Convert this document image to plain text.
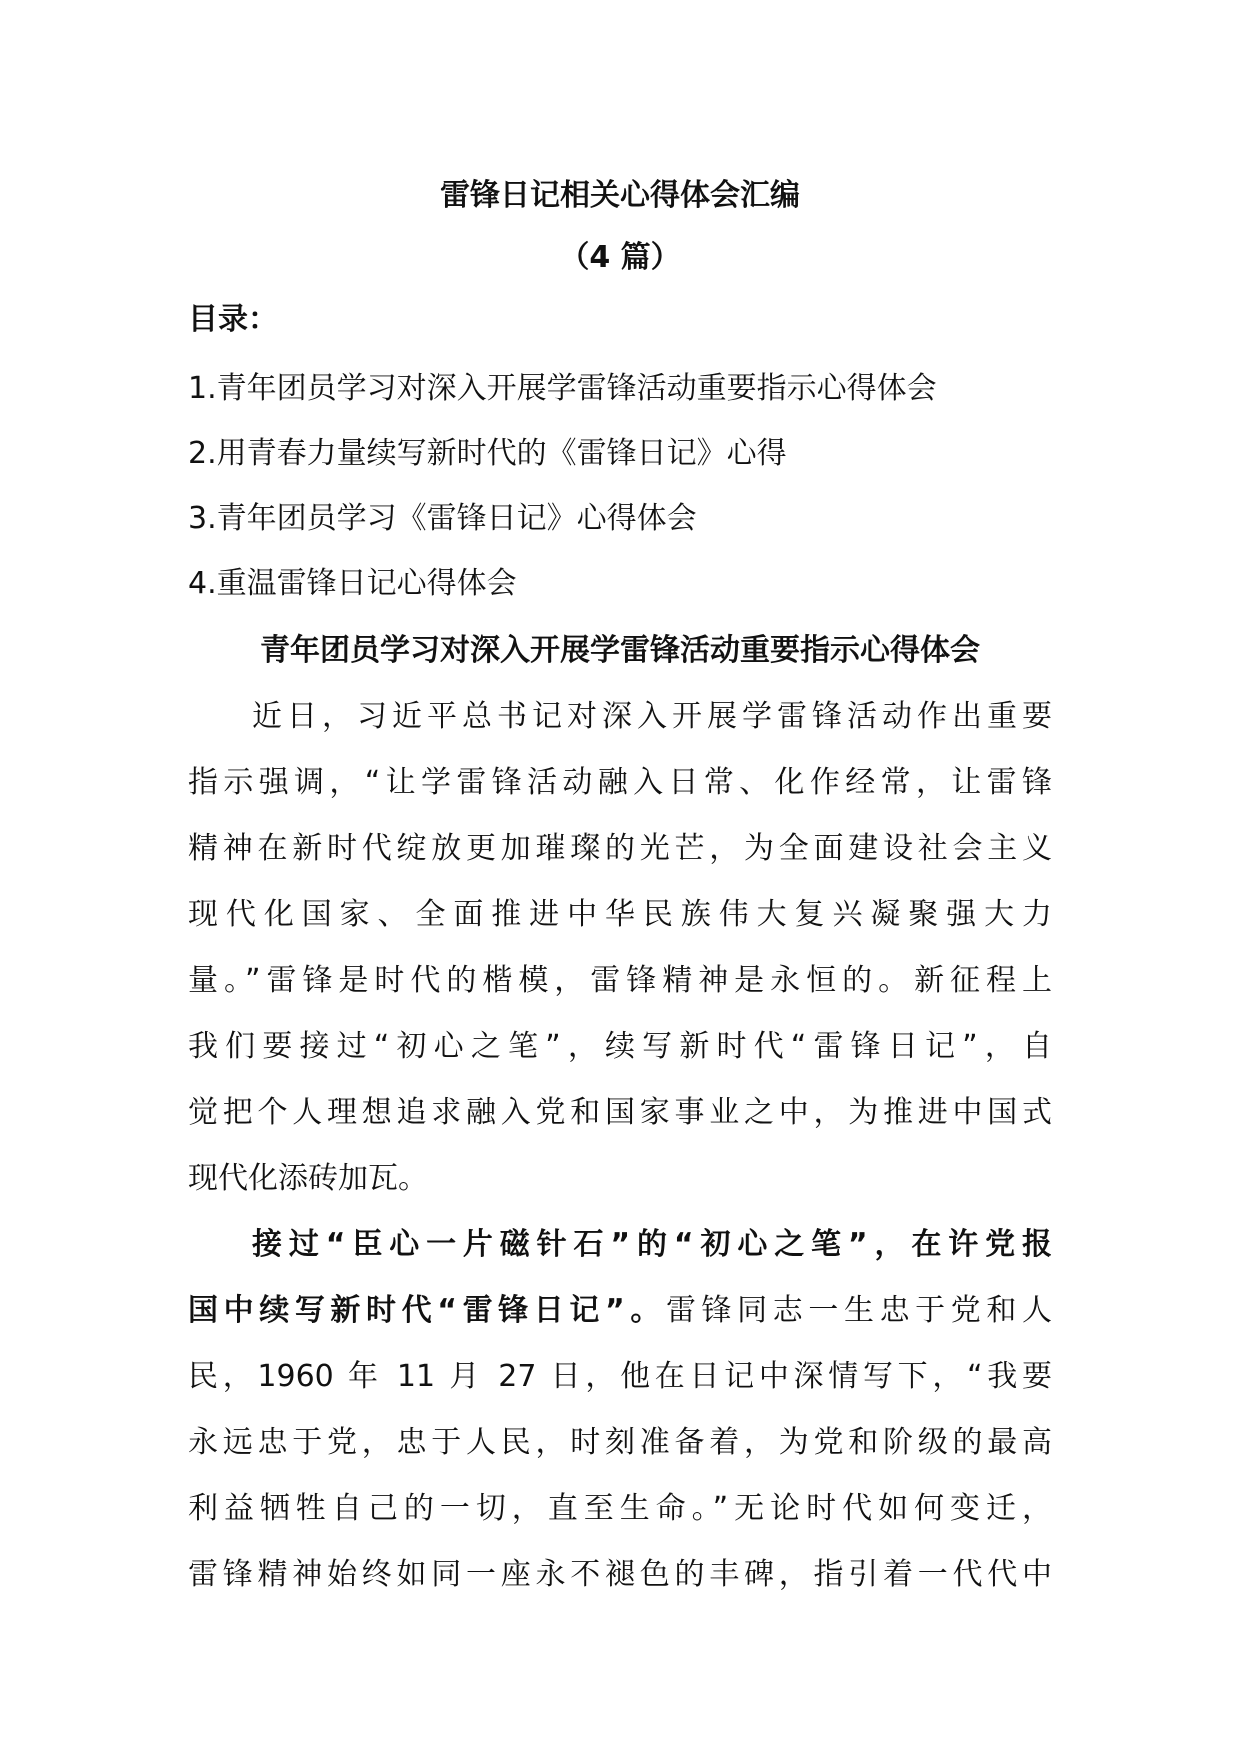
雷锋日记相关心得体会汇编
（4 篇）
目录：
1.青年团员学习对深入开展学雷锋活动重要指示心得体会
2.用青春力量续写新时代的《雷锋日记》心得
3.青年团员学习《雷锋日记》心得体会
4.重温雷锋日记心得体会
青年团员学习对深入开展学雷锋活动重要指示心得体会
近日，习近平总书记对深入开展学雷锋活动作出重要
指示强调，“让学雷锋活动融入日常、化作经常，让雷锋
精神在新时代绽放更加璀璨的光芒，为全面建设社会主义
现代化国家、全面推进中华民族伟大复兴凝聚强大力
量。”雷锋是时代的楷模，雷锋精神是永恒的。新征程上
我们要接过“初心之笔”，续写新时代“雷锋日记”，自
觉把个人理想追求融入党和国家事业之中，为推进中国式
现代化添砖加瓦。
接过“臣心一片磁针石”的“初心之笔”，在许党报
国中续写新时代“雷锋日记”。雷锋同志一生忠于党和人
民，1960 年 11 月 27 日，他在日记中深情写下，“我要
永远忠于党，忠于人民，时刻准备着，为党和阶级的最高
利益牺牲自己的一切，直至生命。”无论时代如何变迁，
雷锋精神始终如同一座永不褪色的丰碑，指引着一代代中
